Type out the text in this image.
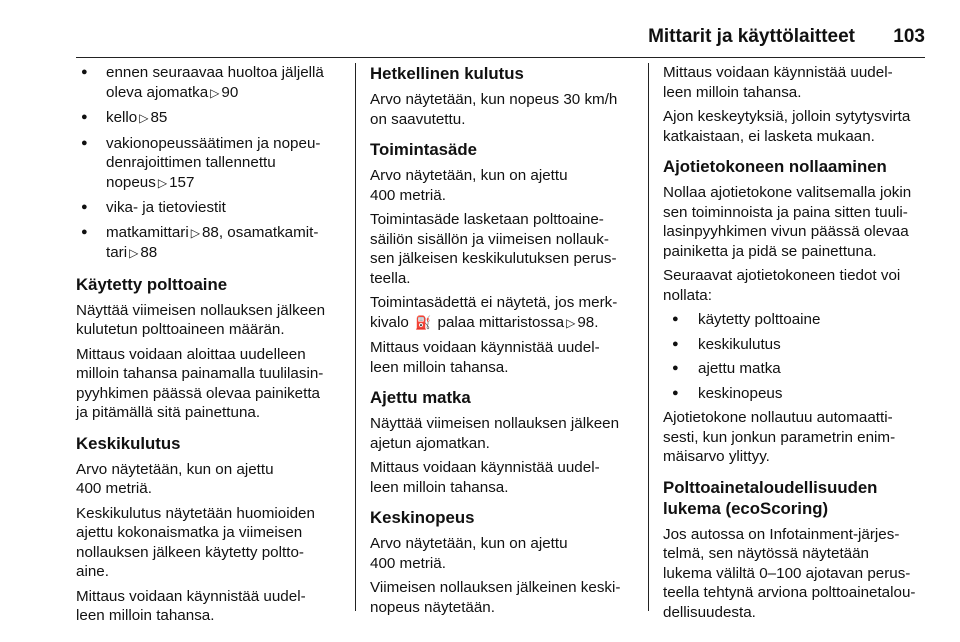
Mittarit ja käyttölaitteet 103
● ennen seuraavaa huoltoa jäljellä
oleva ajomatka ▷ 90
● kello ▷ 85
● vakionopeussäätimen ja nopeu-
denrajoittimen tallennettu
nopeus ▷ 157
● vika- ja tietoviestit
● matkamittari ▷ 88, osamatkamit-
tari ▷ 88
Käytetty polttoaine

Näyttää viimeisen nollauksen jälkeen
kulutetun polttoaineen määrän.

Mittaus voidaan aloittaa uudelleen
milloin tahansa painamalla tuulilasin-
pyyhkimen päässä olevaa painiketta
ja pitämällä sitä painettuna.

Keskikulutus

Arvo näytetään, kun on ajettu
400 metriä.

Keskikulutus näytetään huomioiden
ajettu kokonaismatka ja viimeisen
nollauksen jälkeen käytetty poltto-
aine.

Mittaus voidaan käynnistää uudel-
leen milloin tahansa.

Hetkellinen kulutus

Arvo näytetään, kun nopeus 30 km/h
on saavutettu.

Toimintasäde

Arvo näytetään, kun on ajettu
400 metriä.

Toimintasäde lasketaan polttoaine-
säiliön sisällön ja viimeisen nollauk-
sen jälkeisen keskikulutuksen perus-
teella.

Toimintasädettä ei näytetä, jos merk-
kivalo ⛽ palaa mittaristossa ▷ 98.

Mittaus voidaan käynnistää uudel-
leen milloin tahansa.

Ajettu matka

Näyttää viimeisen nollauksen jälkeen
ajetun ajomatkan.

Mittaus voidaan käynnistää uudel-
leen milloin tahansa.

Keskinopeus

Arvo näytetään, kun on ajettu
400 metriä.

Viimeisen nollauksen jälkeinen keski-
nopeus näytetään.

Mittaus voidaan käynnistää uudel-
leen milloin tahansa.

Ajon keskeytyksiä, jolloin sytytysvirta
katkaistaan, ei lasketa mukaan.

Ajotietokoneen nollaaminen

Nollaa ajotietokone valitsemalla jokin
sen toiminnoista ja paina sitten tuuli-
lasinpyyhkimen vivun päässä olevaa
painiketta ja pidä se painettuna.

Seuraavat ajotietokoneen tiedot voi
nollata:

● käytetty polttoaine
● keskikulutus
● ajettu matka
● keskinopeus

Ajotietokone nollautuu automaatti-
sesti, kun jonkun parametrin enim-
mäisarvo ylittyy.

Polttoainetaloudellisuuden
lukema (ecoScoring)

Jos autossa on Infotainment-järjes-
telmä, sen näytössä näytetään
lukema väliltä 0–100 ajotavan perus-
teella tehtynä arviona polttoainetalou-
dellisuudesta.
